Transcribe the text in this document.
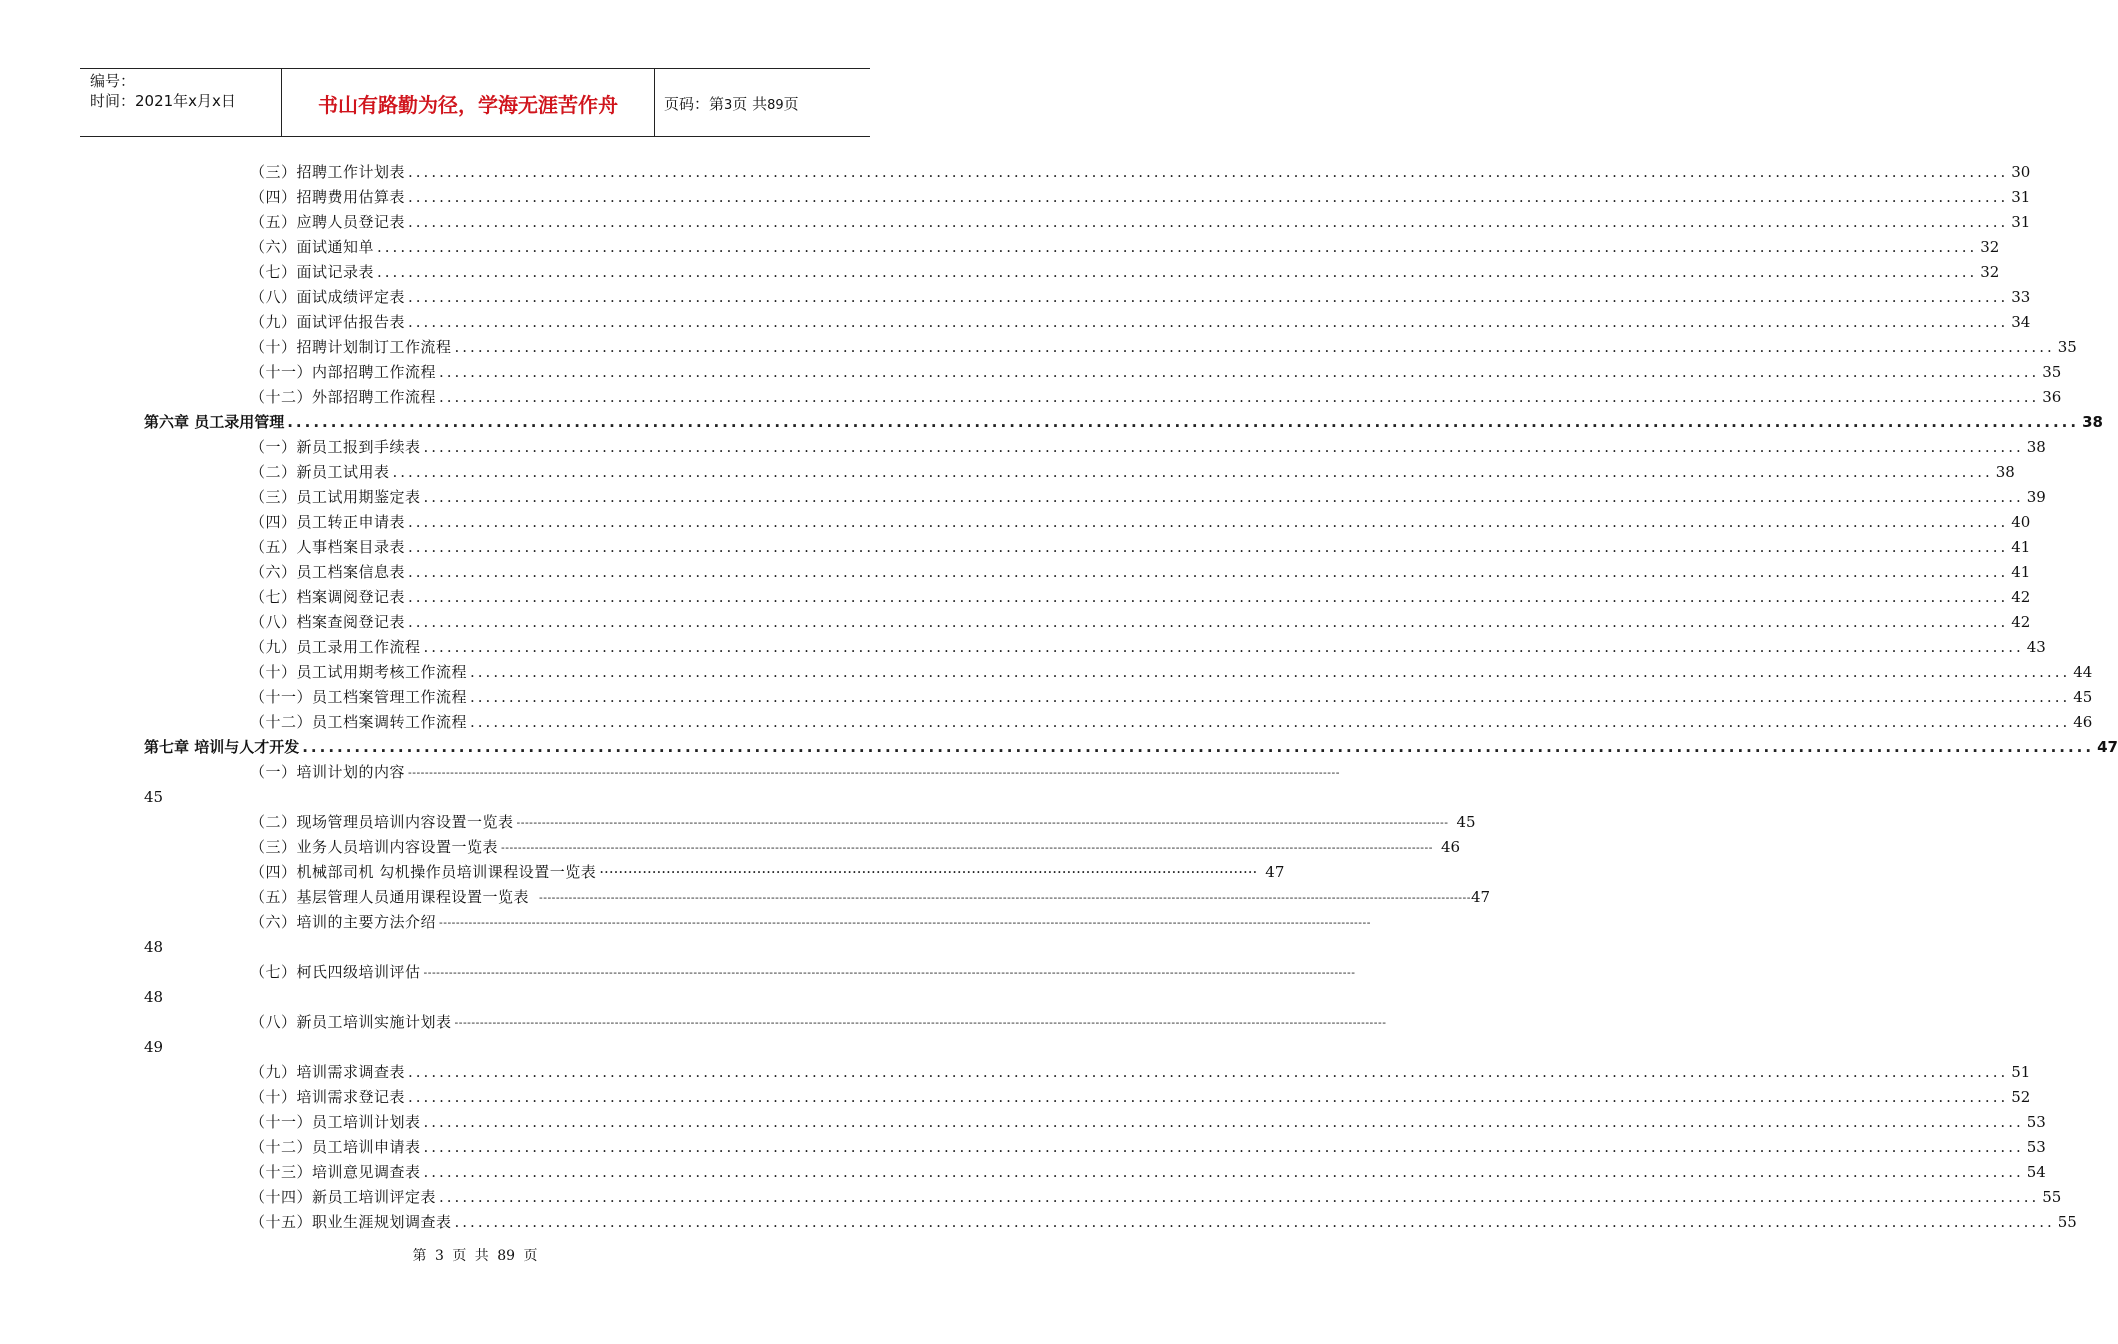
编号：
时间：2021年x月x日	书山有路勤为径，学海无涯苦作舟	页码：第3页 共89页
（三）招聘工作计划表 .............................................................................................................................................................................................................. 30
（四）招聘费用估算表 .............................................................................................................................................................................................................. 31
（五）应聘人员登记表 .............................................................................................................................................................................................................. 31
（六）面试通知单 .............................................................................................................................................................................................................. 32
（七）面试记录表 .............................................................................................................................................................................................................. 32
（八）面试成绩评定表 .............................................................................................................................................................................................................. 33
（九）面试评估报告表 .............................................................................................................................................................................................................. 34
（十）招聘计划制订工作流程 .............................................................................................................................................................................................................. 35
（十一）内部招聘工作流程 .............................................................................................................................................................................................................. 35
（十二）外部招聘工作流程 .............................................................................................................................................................................................................. 36
第六章 员工录用管理 .............................................................................................................................................................................................................. 38
（一）新员工报到手续表 .............................................................................................................................................................................................................. 38
（二）新员工试用表 .............................................................................................................................................................................................................. 38
（三）员工试用期鉴定表 .............................................................................................................................................................................................................. 39
（四）员工转正申请表 .............................................................................................................................................................................................................. 40
（五）人事档案目录表 .............................................................................................................................................................................................................. 41
（六）员工档案信息表 .............................................................................................................................................................................................................. 41
（七）档案调阅登记表 .............................................................................................................................................................................................................. 42
（八）档案查阅登记表 .............................................................................................................................................................................................................. 42
（九）员工录用工作流程 .............................................................................................................................................................................................................. 43
（十）员工试用期考核工作流程 .............................................................................................................................................................................................................. 44
（十一）员工档案管理工作流程 .............................................................................................................................................................................................................. 45
（十二）员工档案调转工作流程 .............................................................................................................................................................................................................. 46
第七章 培训与人才开发 .............................................................................................................................................................................................................. 47
（一）培训计划的内容 -----------------------------------------------------------------------------------------------------------------------------------------------------------------------------------------------------------------------------
45
（二）现场管理员培训内容设置一览表 ----------------------------------------------------------------------------------------------------------------------------------------------------------------------------------------------------------------------------- 45
（三）业务人员培训内容设置一览表 ----------------------------------------------------------------------------------------------------------------------------------------------------------------------------------------------------------------------------- 46
（四）机械部司机 勾机操作员培训课程设置一览表 ·········································································································································· 47
（五）基层管理人员通用课程设置一览表 ----------------------------------------------------------------------------------------------------------------------------------------------------------------------------------------------------------------------------- 47
（六）培训的主要方法介绍 -----------------------------------------------------------------------------------------------------------------------------------------------------------------------------------------------------------------------------
48
（七）柯氏四级培训评估 -----------------------------------------------------------------------------------------------------------------------------------------------------------------------------------------------------------------------------
48
（八）新员工培训实施计划表 -----------------------------------------------------------------------------------------------------------------------------------------------------------------------------------------------------------------------------
49
（九）培训需求调查表 .............................................................................................................................................................................................................. 51
（十）培训需求登记表 .............................................................................................................................................................................................................. 52
（十一）员工培训计划表 .............................................................................................................................................................................................................. 53
（十二）员工培训申请表 .............................................................................................................................................................................................................. 53
（十三）培训意见调查表 .............................................................................................................................................................................................................. 54
（十四）新员工培训评定表 .............................................................................................................................................................................................................. 55
（十五）职业生涯规划调查表 .............................................................................................................................................................................................................. 55
第 3 页 共 89 页
